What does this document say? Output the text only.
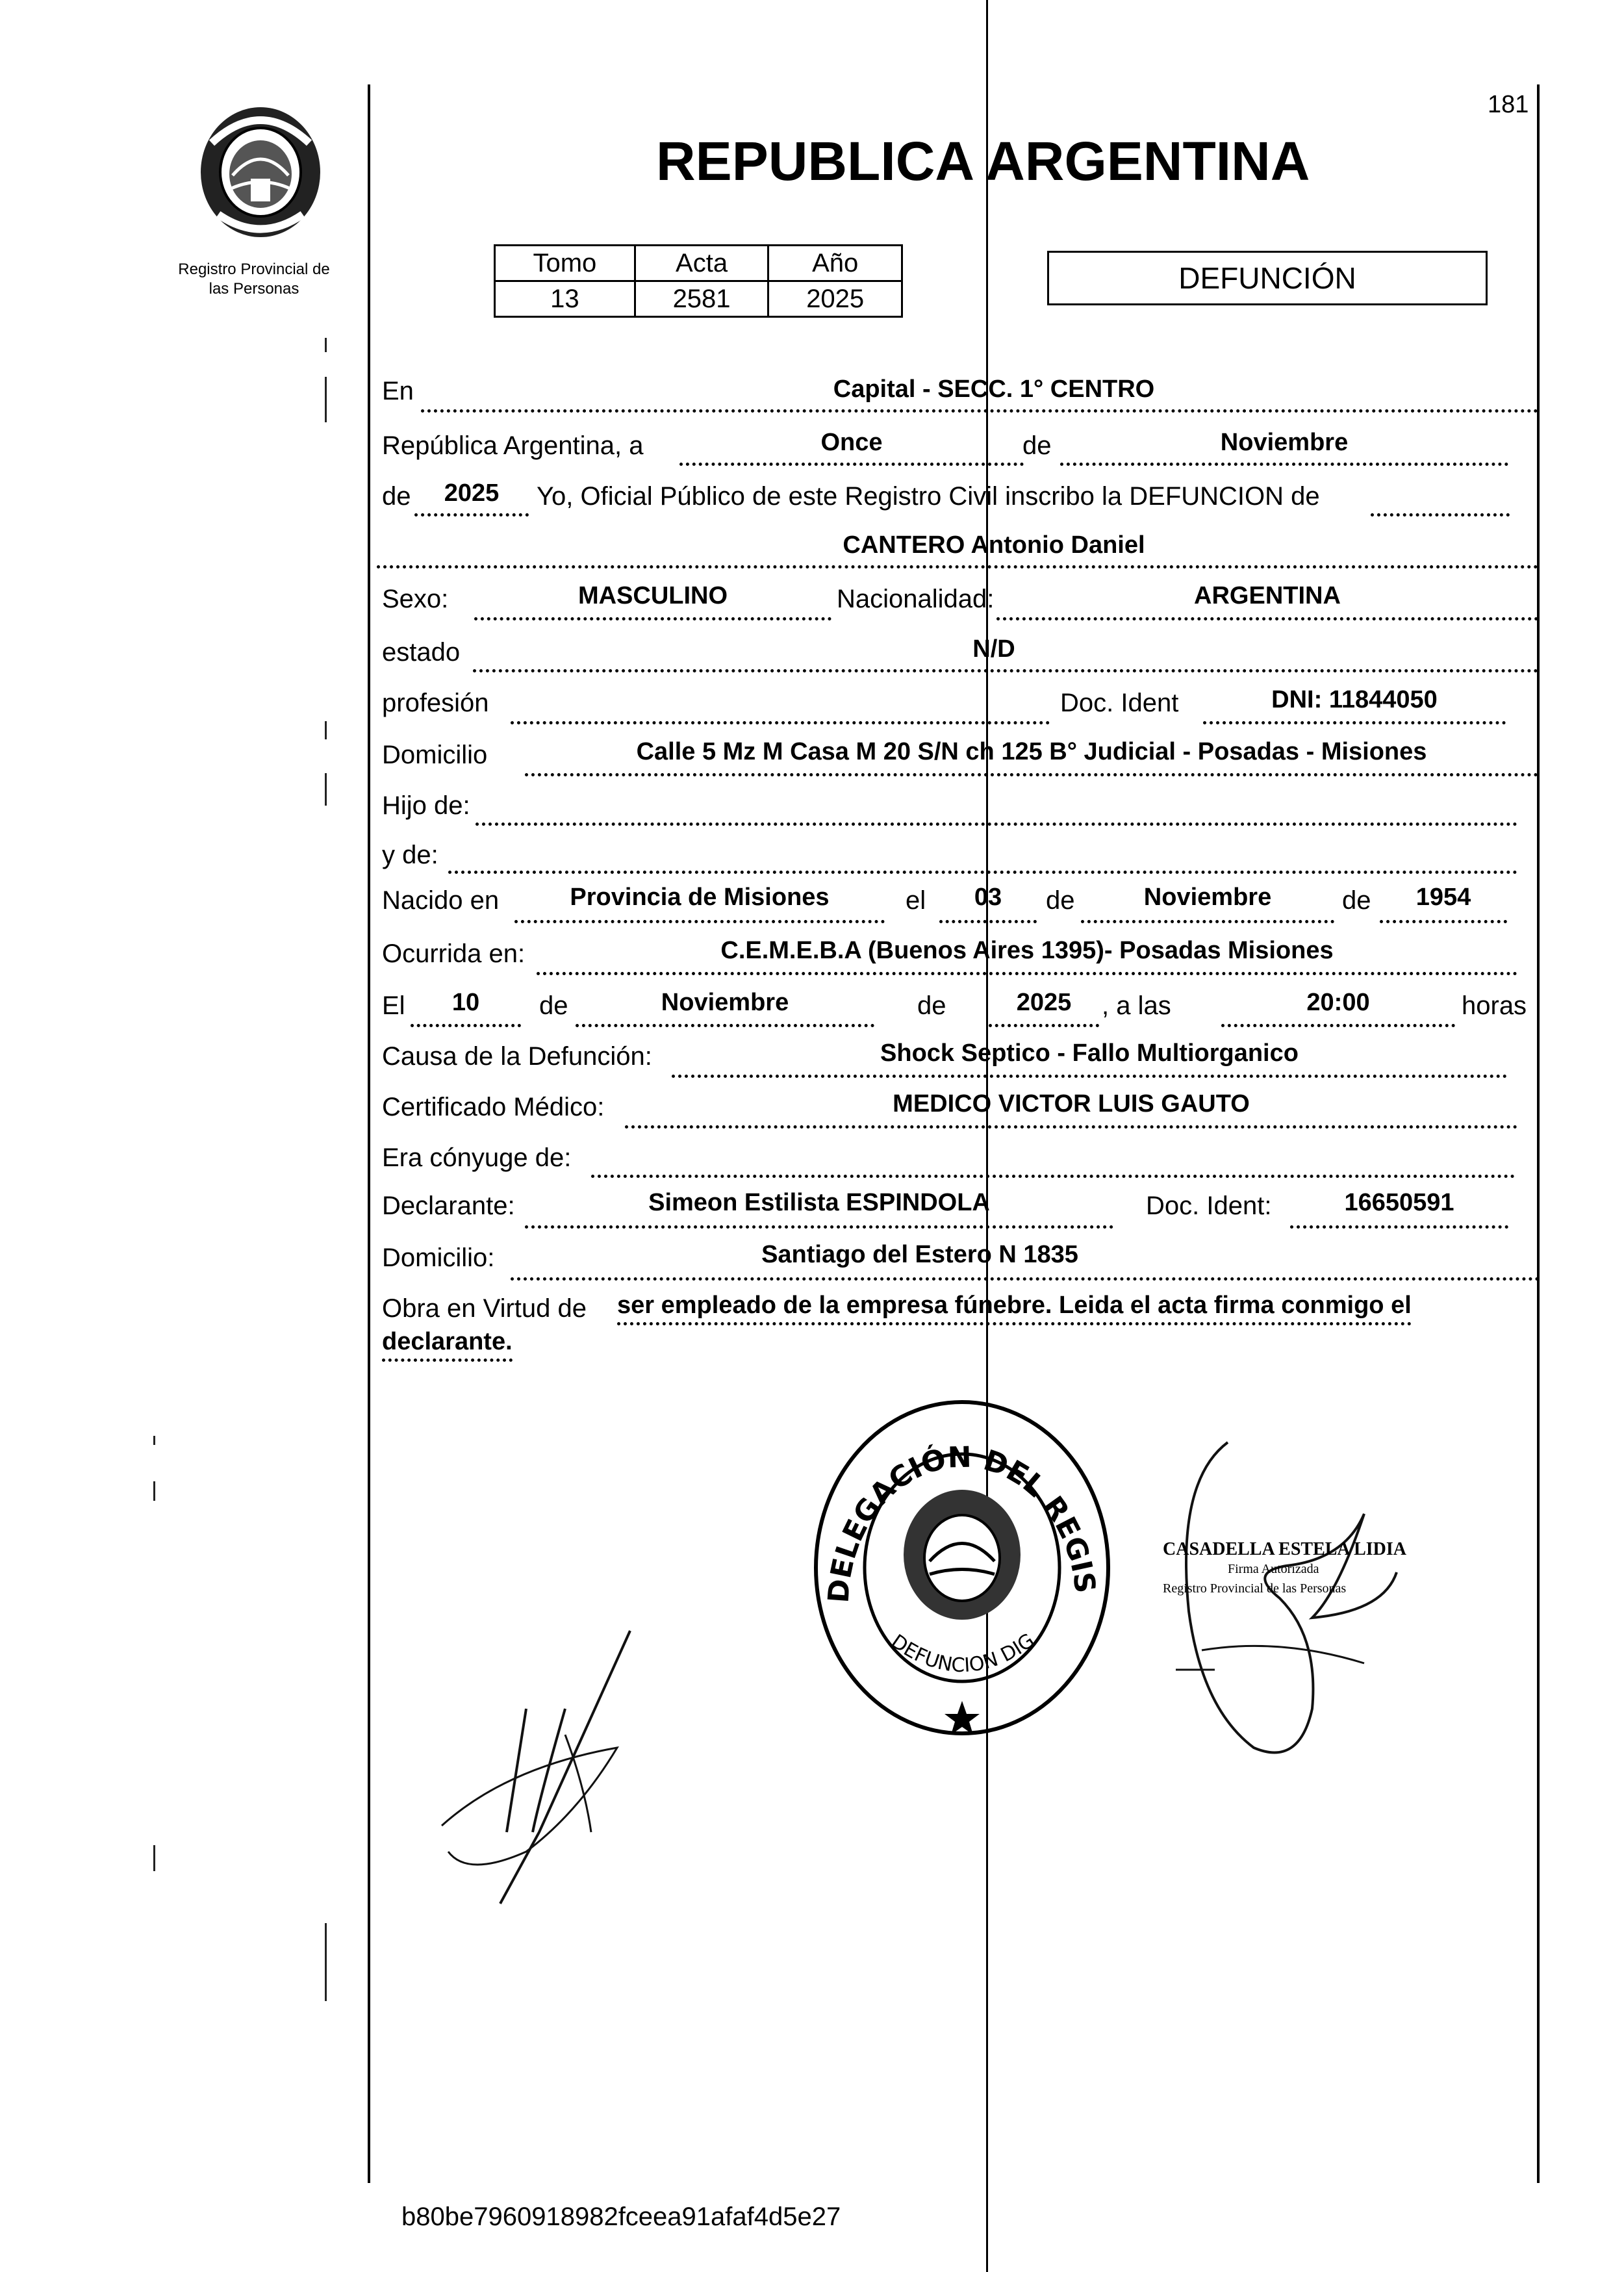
Registro Provincial de
las Personas
181
REPUBLICA ARGENTINA
Tomo	Acta	Año
13	2581	2025
DEFUNCIÓN
En	Capital - SECC. 1° CENTRO
República Argentina, a	Once	de	Noviembre
de	2025	Yo, Oficial Público de este Registro Civil inscribo la DEFUNCION de
CANTERO Antonio Daniel
Sexo:	MASCULINO	Nacionalidad:	ARGENTINA
estado	N/D
profesión	Doc. Ident	DNI: 11844050
Domicilio	Calle 5 Mz M Casa M 20 S/N ch 125 B° Judicial - Posadas - Misiones
Hijo de:
y de:
Nacido en	Provincia de Misiones	el	03	de	Noviembre	de	1954
Ocurrida en:	C.E.M.E.B.A (Buenos Aires 1395)- Posadas Misiones
El	10	de	Noviembre	de	2025	, a las	20:00	horas
Causa de la Defunción:	Shock Septico - Fallo Multiorganico
Certificado Médico:	MEDICO VICTOR LUIS GAUTO
Era cónyuge de:
Declarante:	Simeon Estilista ESPINDOLA	Doc. Ident:	16650591
Domicilio:	Santiago del Estero N 1835
Obra en Virtud de ser empleado de la empresa fúnebre. Leida el acta firma conmigo el
declarante.
DELEGACIÓN DEL REGIS
DEFUNCION DIG
CASADELLA ESTELA LIDIA
Firma Autorizada
Registro Provincial de las Personas
b80be7960918982fceea91afaf4d5e27
